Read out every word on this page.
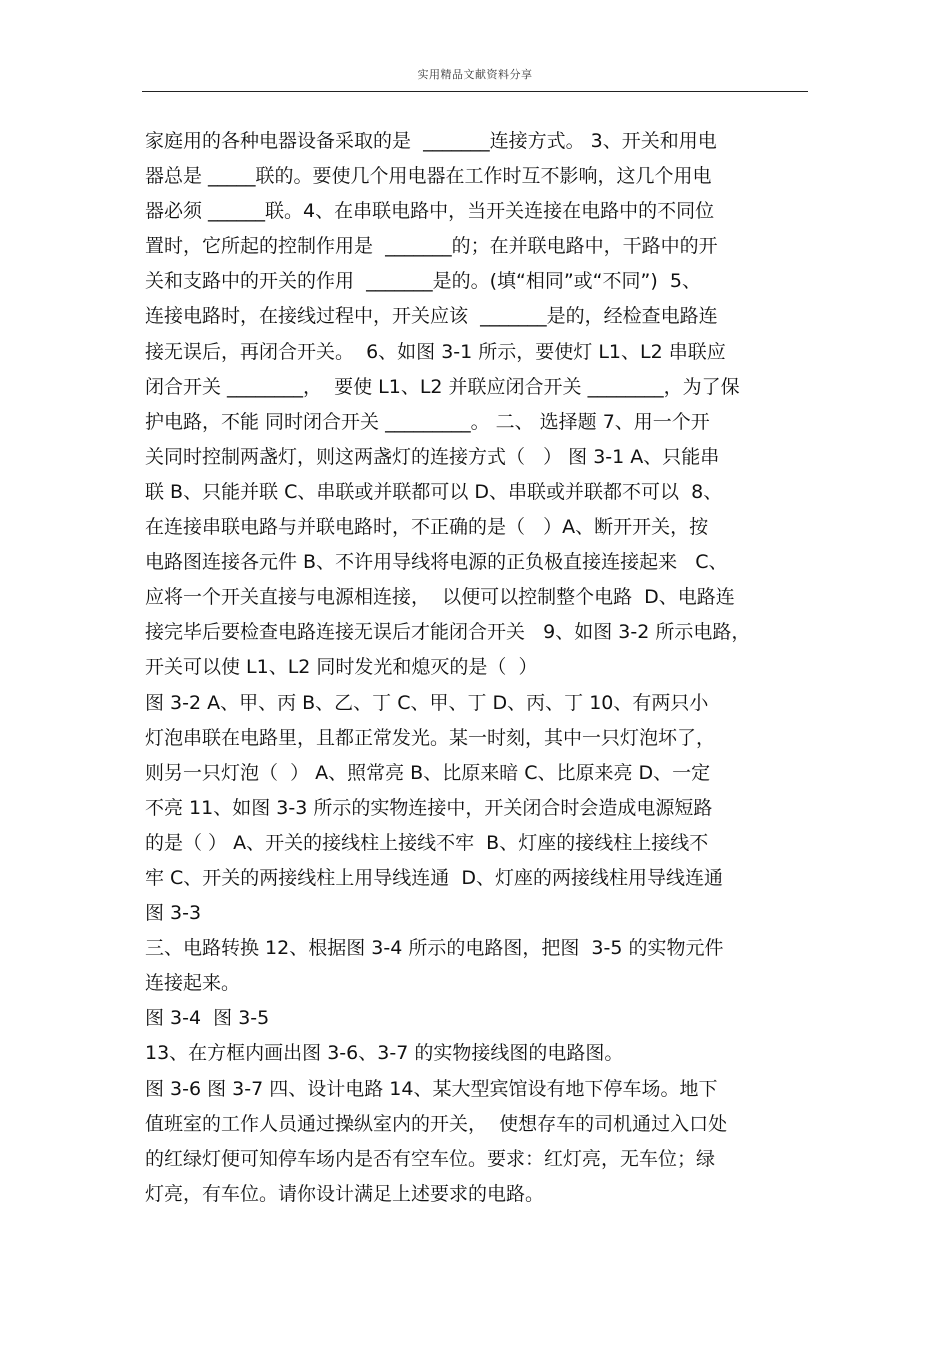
实用精品文献资料分享
家庭用的各种电器设备采取的是  _______连接方式。 3、开关和用电
器总是 _____联的。要使几个用电器在工作时互不影响，这几个用电
器必须 ______联。4、在串联电路中，当开关连接在电路中的不同位
置时，它所起的控制作用是  _______的；在并联电路中，干路中的开
关和支路中的开关的作用  _______是的。(填“相同”或“不同”)  5、
连接电路时，在接线过程中，开关应该  _______是的，经检查电路连
接无误后，再闭合开关。  6、如图 3-1 所示，要使灯 L1、L2 串联应
闭合开关 ________，  要使 L1、L2 并联应闭合开关 ________，为了保
护电路，不能 同时闭合开关 _________。 二、 选择题 7、用一个开
关同时控制两盏灯，则这两盏灯的连接方式（   ） 图 3-1 A、只能串
联 B、只能并联 C、串联或并联都可以 D、串联或并联都不可以  8、
在连接串联电路与并联电路时，不正确的是（   ）A、断开开关，按
电路图连接各元件 B、不许用导线将电源的正负极直接连接起来   C、
应将一个开关直接与电源相连接，  以便可以控制整个电路  D、电路连
接完毕后要检查电路连接无误后才能闭合开关   9、如图 3-2 所示电路，
开关可以使 L1、L2 同时发光和熄灭的是（  ）
图 3-2 A、甲、丙 B、乙、丁 C、甲、丁 D、丙、丁 10、有两只小
灯泡串联在电路里，且都正常发光。某一时刻，其中一只灯泡坏了，
则另一只灯泡（  ） A、照常亮 B、比原来暗 C、比原来亮 D、一定
不亮 11、如图 3-3 所示的实物连接中，开关闭合时会造成电源短路
的是（ ） A、开关的接线柱上接线不牢  B、灯座的接线柱上接线不
牢 C、开关的两接线柱上用导线连通  D、灯座的两接线柱用导线连通
图 3-3
三、电路转换 12、根据图 3-4 所示的电路图，把图  3-5 的实物元件
连接起来。
图 3-4  图 3-5
13、在方框内画出图 3-6、3-7 的实物接线图的电路图。
图 3-6 图 3-7 四、设计电路 14、某大型宾馆设有地下停车场。地下
值班室的工作人员通过操纵室内的开关，  使想存车的司机通过入口处
的红绿灯便可知停车场内是否有空车位。要求：红灯亮，无车位；绿
灯亮，有车位。请你设计满足上述要求的电路。
